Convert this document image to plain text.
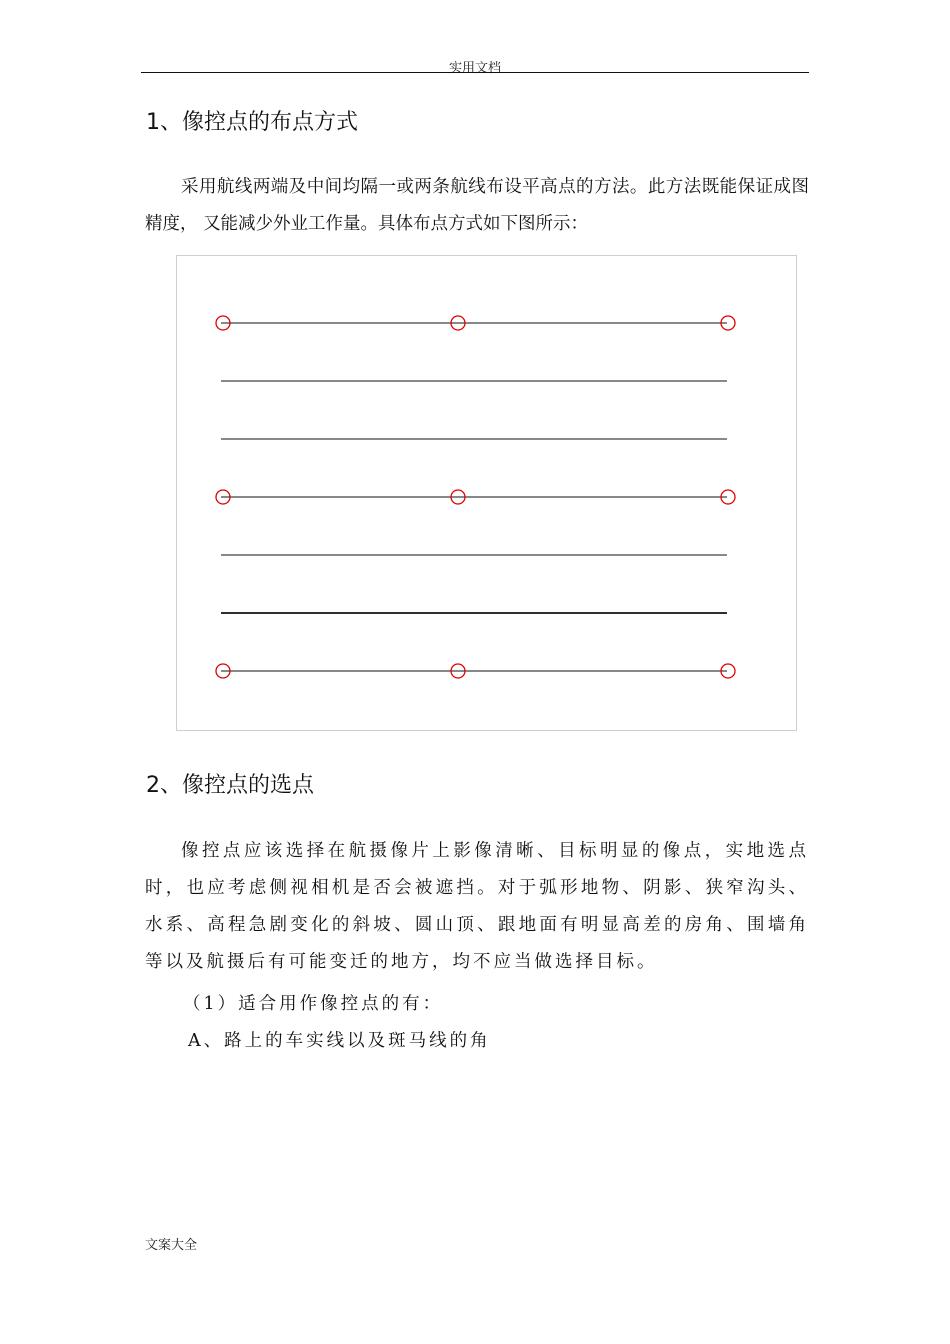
实用文档
1、像控点的布点方式

采用航线两端及中间均隔一或两条航线布设平高点的方法。此方法既能保证成图精度， 又能减少外业工作量。具体布点方式如下图所示：

2、像控点的选点

像控点应该选择在航摄像片上影像清晰、目标明显的像点，实地选点时，也应考虑侧视相机是否会被遮挡。对于弧形地物、阴影、狭窄沟头、水系、高程急剧变化的斜坡、圆山顶、跟地面有明显高差的房角、围墙角等以及航摄后有可能变迁的地方，均不应当做选择目标。

（1）适合用作像控点的有：
A、路上的车实线以及斑马线的角
文案大全
